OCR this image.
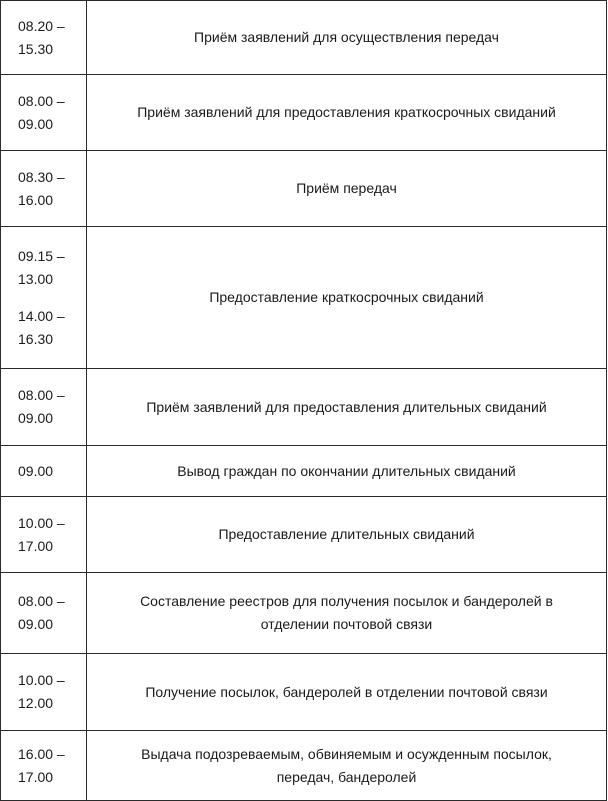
08.20 –
15.30	Приём заявлений для осуществления передач

08.00 –
09.00	Приём заявлений для предоставления краткосрочных свиданий

08.30 –
16.00	Приём передач

09.15 –
13.00
14.00 –
16.30	Предоставление краткосрочных свиданий

08.00 –
09.00	Приём заявлений для предоставления длительных свиданий

09.00	Вывод граждан по окончании длительных свиданий

10.00 –
17.00	Предоставление длительных свиданий

08.00 –
09.00	Составление реестров для получения посылок и бандеролей в
отделении почтовой связи

10.00 –
12.00	Получение посылок, бандеролей в отделении почтовой связи

16.00 –
17.00	Выдача подозреваемым, обвиняемым и осужденным посылок,
передач, бандеролей
